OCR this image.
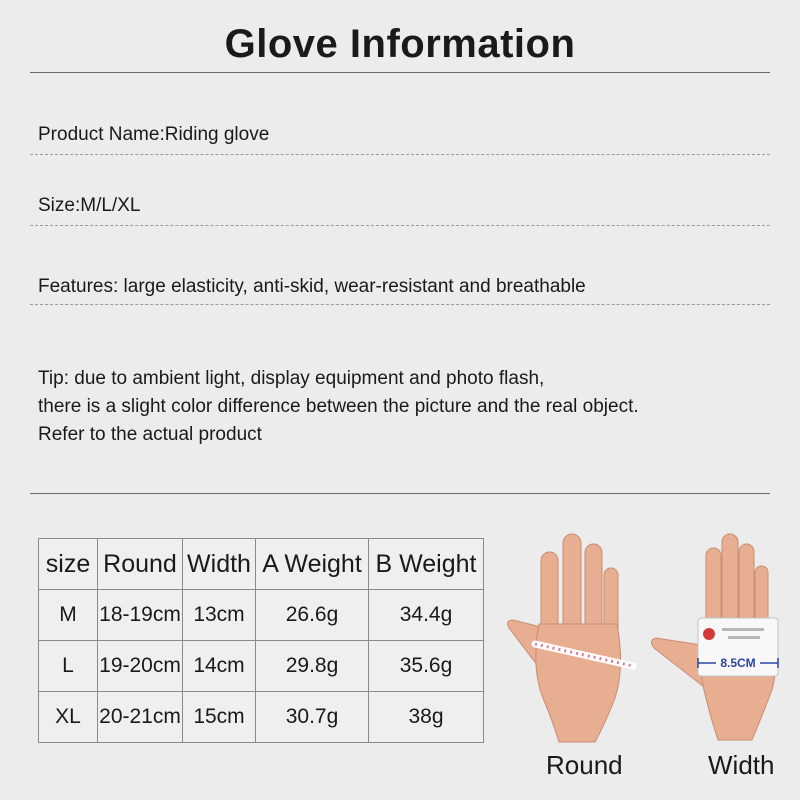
Glove Information
Product Name:Riding glove
Size:M/L/XL
Features: large elasticity, anti-skid, wear-resistant and breathable
Tip: due to ambient light, display equipment and photo flash,
there is a slight color difference between the picture and the real object.
Refer to the actual product
size	Round	Width	A Weight	B Weight
M	18-19cm	13cm	26.6g	34.4g
L	19-20cm	14cm	29.8g	35.6g
XL	20-21cm	15cm	30.7g	38g
8.5CM
Round	Width
